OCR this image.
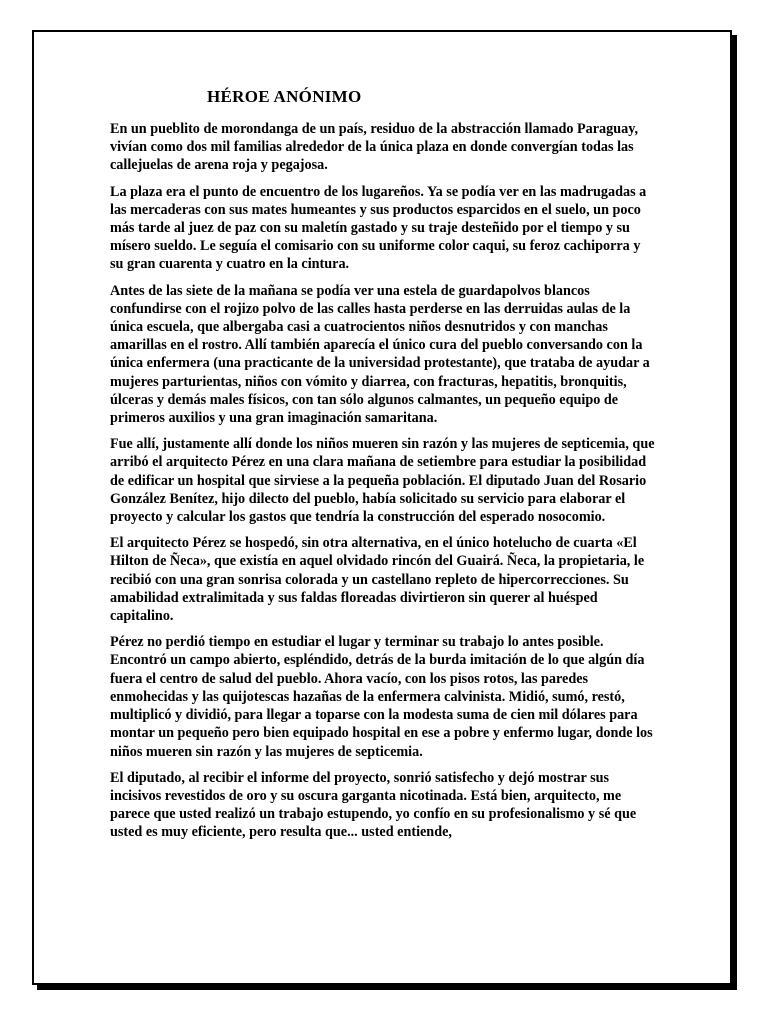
HÉROE ANÓNIMO

En un pueblito de morondanga de un país, residuo de la abstracción llamado Paraguay, vivían como dos mil familias alrededor de la única plaza en donde convergían todas las callejuelas de arena roja y pegajosa.

La plaza era el punto de encuentro de los lugareños. Ya se podía ver en las madrugadas a las mercaderas con sus mates humeantes y sus productos esparcidos en el suelo, un poco más tarde al juez de paz con su maletín gastado y su traje desteñido por el tiempo y su mísero sueldo. Le seguía el comisario con su uniforme color caqui, su feroz cachiporra y su gran cuarenta y cuatro en la cintura.

Antes de las siete de la mañana se podía ver una estela de guardapolvos blancos confundirse con el rojizo polvo de las calles hasta perderse en las derruidas aulas de la única escuela, que albergaba casi a cuatrocientos niños desnutridos y con manchas amarillas en el rostro. Allí también aparecía el único cura del pueblo conversando con la única enfermera (una practicante de la universidad protestante), que trataba de ayudar a mujeres parturientas, niños con vómito y diarrea, con fracturas, hepatitis, bronquitis, úlceras y demás males físicos, con tan sólo algunos calmantes, un pequeño equipo de primeros auxilios y una gran imaginación samaritana.

Fue allí, justamente allí donde los niños mueren sin razón y las mujeres de septicemia, que arribó el arquitecto Pérez en una clara mañana de setiembre para estudiar la posibilidad de edificar un hospital que sirviese a la pequeña población. El diputado Juan del Rosario González Benítez, hijo dilecto del pueblo, había solicitado su servicio para elaborar el proyecto y calcular los gastos que tendría la construcción del esperado nosocomio.

El arquitecto Pérez se hospedó, sin otra alternativa, en el único hotelucho de cuarta «El Hilton de Ñeca», que existía en aquel olvidado rincón del Guairá. Ñeca, la propietaria, le recibió con una gran sonrisa colorada y un castellano repleto de hipercorrecciones. Su amabilidad extralimitada y sus faldas floreadas divirtieron sin querer al huésped capitalino.

Pérez no perdió tiempo en estudiar el lugar y terminar su trabajo lo antes posible. Encontró un campo abierto, espléndido, detrás de la burda imitación de lo que algún día fuera el centro de salud del pueblo. Ahora vacío, con los pisos rotos, las paredes enmohecidas y las quijotescas hazañas de la enfermera calvinista. Midió, sumó, restó, multiplicó y dividió, para llegar a toparse con la modesta suma de cien mil dólares para montar un pequeño pero bien equipado hospital en ese a pobre y enfermo lugar, donde los niños mueren sin razón y las mujeres de septicemia.

El diputado, al recibir el informe del proyecto, sonrió satisfecho y dejó mostrar sus incisivos revestidos de oro y su oscura garganta nicotinada. Está bien, arquitecto, me parece que usted realizó un trabajo estupendo, yo confío en su profesionalismo y sé que usted es muy eficiente, pero resulta que... usted entiende,
